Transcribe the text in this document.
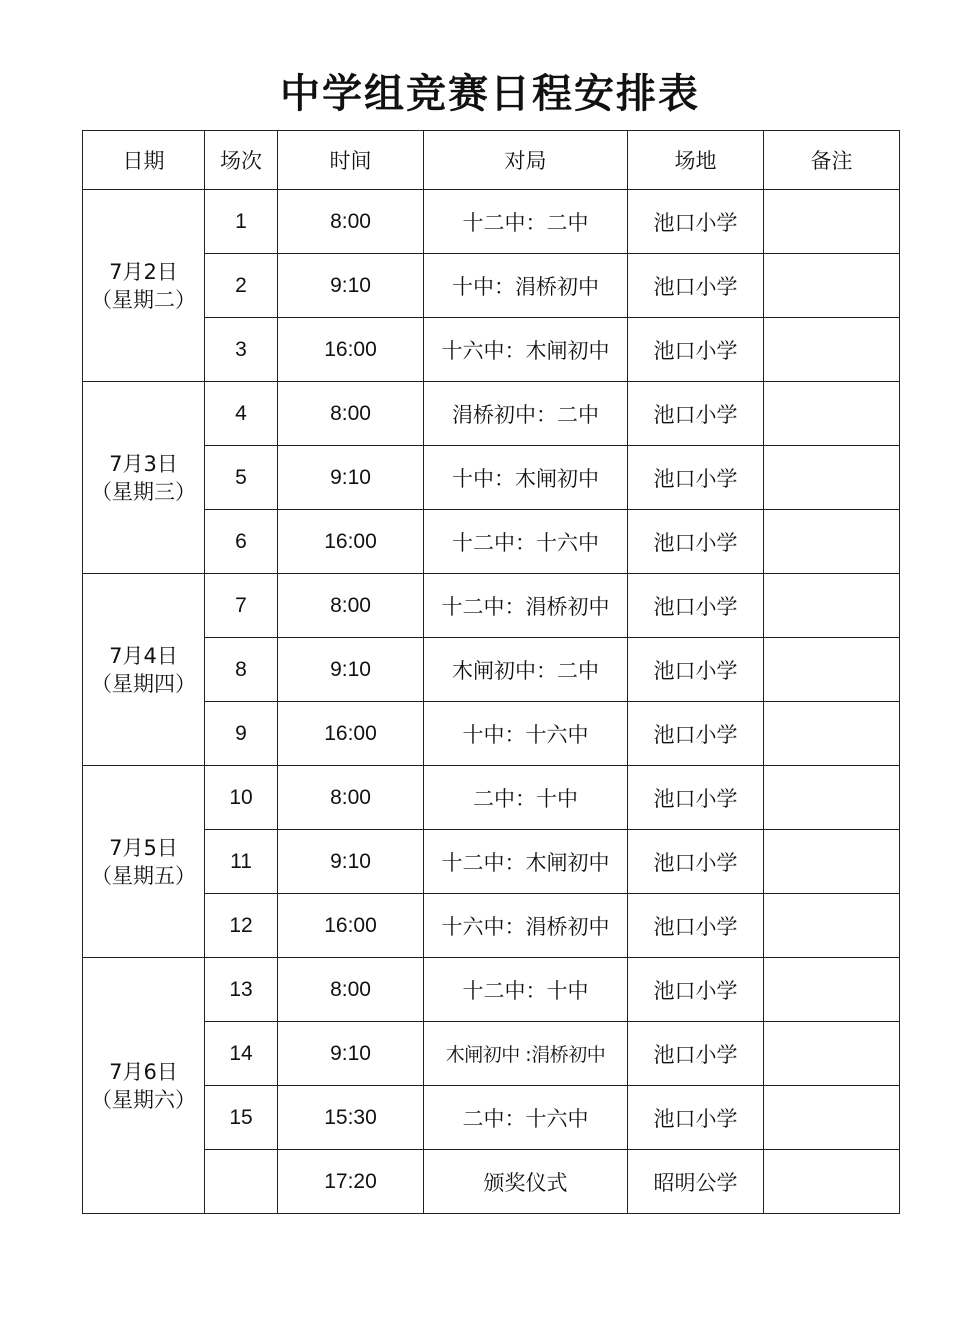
中学组竞赛日程安排表
日期	场次	时间	对局	场地	备注

7月2日
（星期二）	1	8:00	十二中：二中	池口小学	
	2	9:10	十中：涓桥初中	池口小学	
	3	16:00	十六中：木闸初中	池口小学	

7月3日
（星期三）	4	8:00	涓桥初中：二中	池口小学	
	5	9:10	十中：木闸初中	池口小学	
	6	16:00	十二中：十六中	池口小学	

7月4日
（星期四）	7	8:00	十二中：涓桥初中	池口小学	
	8	9:10	木闸初中：二中	池口小学	
	9	16:00	十中：十六中	池口小学	

7月5日
（星期五）	10	8:00	二中：十中	池口小学	
	11	9:10	十二中：木闸初中	池口小学	
	12	16:00	十六中：涓桥初中	池口小学	

7月6日
（星期六）	13	8:00	十二中：十中	池口小学	
	14	9:10	木闸初中 :涓桥初中	池口小学	
	15	15:30	二中：十六中	池口小学	
		17:20	颁奖仪式	昭明公学	
